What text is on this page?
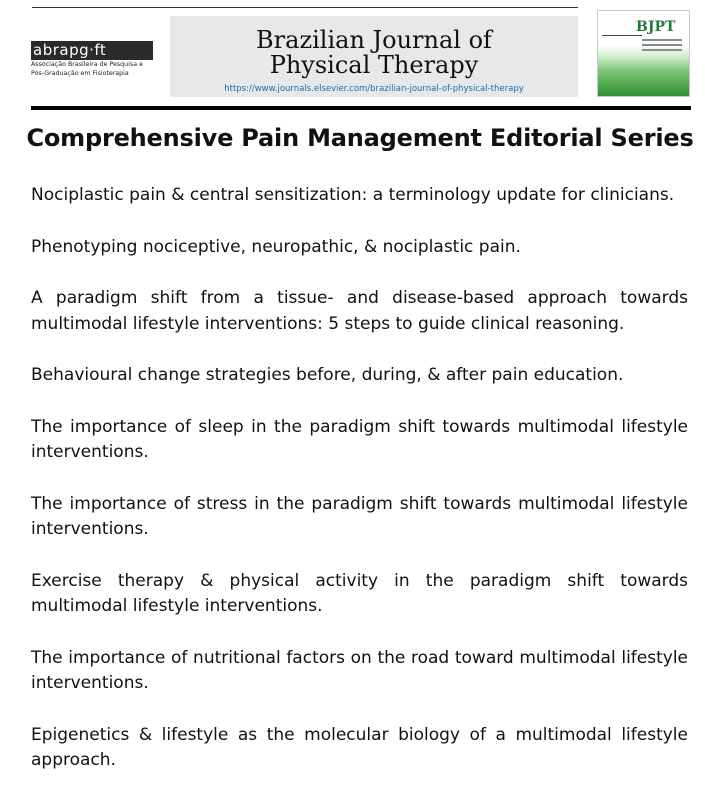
abrapg·ft
Associação Brasileira de Pesquisa e
Pós-Graduação em Fisioterapia
Brazilian Journal of
Physical Therapy
https://www.journals.elsevier.com/brazilian-journal-of-physical-therapy
BJPT
Comprehensive Pain Management Editorial Series
Nociplastic pain & central sensitization: a terminology update for clinicians.
Phenotyping nociceptive, neuropathic, & nociplastic pain.
A paradigm shift from a tissue- and disease-based approach towards multimodal lifestyle interventions: 5 steps to guide clinical reasoning.
Behavioural change strategies before, during, & after pain education.
The importance of sleep in the paradigm shift towards multimodal lifestyle interventions.
The importance of stress in the paradigm shift towards multimodal lifestyle interventions.
Exercise therapy & physical activity in the paradigm shift towards multimodal lifestyle interventions.
The importance of nutritional factors on the road toward multimodal lifestyle interventions.
Epigenetics & lifestyle as the molecular biology of a multimodal lifestyle approach.
